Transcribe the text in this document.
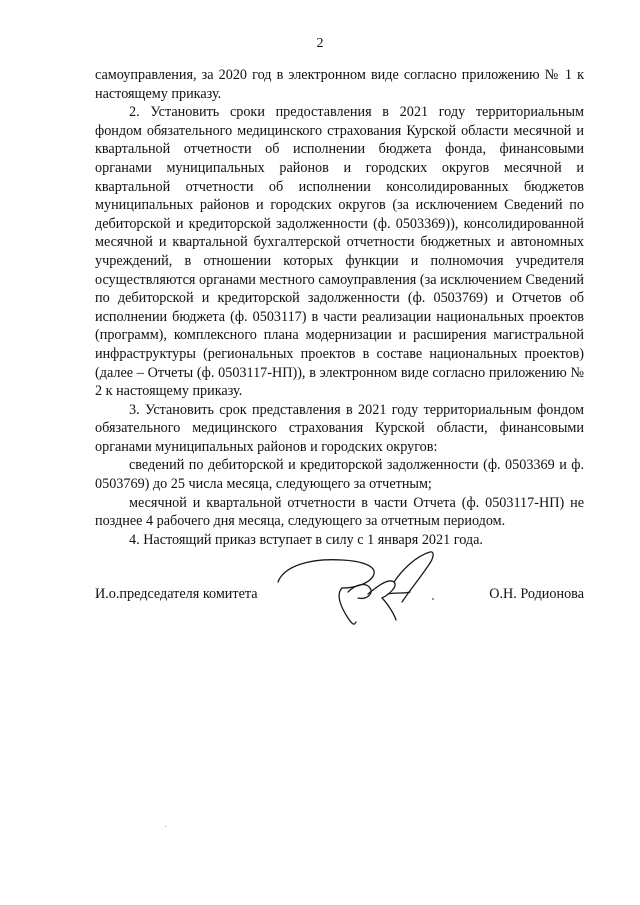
2

самоуправления, за 2020 год в электронном виде согласно приложению № 1 к настоящему приказу.

2. Установить сроки предоставления в 2021 году территориальным фондом обязательного медицинского страхования Курской области месячной и квартальной отчетности об исполнении бюджета фонда, финансовыми органами муниципальных районов и городских округов месячной и квартальной отчетности об исполнении консолидированных бюджетов муниципальных районов и городских округов (за исключением Сведений по дебиторской и кредиторской задолженности (ф. 0503369)), консолидированной месячной и квартальной бухгалтерской отчетности бюджетных и автономных учреждений, в отношении которых функции и полномочия учредителя осуществляются органами местного самоуправления (за исключением Сведений по дебиторской и кредиторской задолженности (ф. 0503769) и Отчетов об исполнении бюджета (ф. 0503117) в части реализации национальных проектов (программ), комплексного плана модернизации и расширения магистральной инфраструктуры (региональных проектов в составе национальных проектов) (далее – Отчеты (ф. 0503117-НП)), в электронном виде согласно приложению № 2 к настоящему приказу.

3. Установить срок представления в 2021 году территориальным фондом обязательного медицинского страхования Курской области, финансовыми органами муниципальных районов и городских округов:

сведений по дебиторской и кредиторской задолженности (ф. 0503369 и ф. 0503769) до 25 числа месяца, следующего за отчетным;

месячной и квартальной отчетности в части Отчета (ф. 0503117-НП) не позднее 4 рабочего дня месяца, следующего за отчетным периодом.

4. Настоящий приказ вступает в силу с 1 января 2021 года.

И.о.председателя комитета	О.Н. Родионова
